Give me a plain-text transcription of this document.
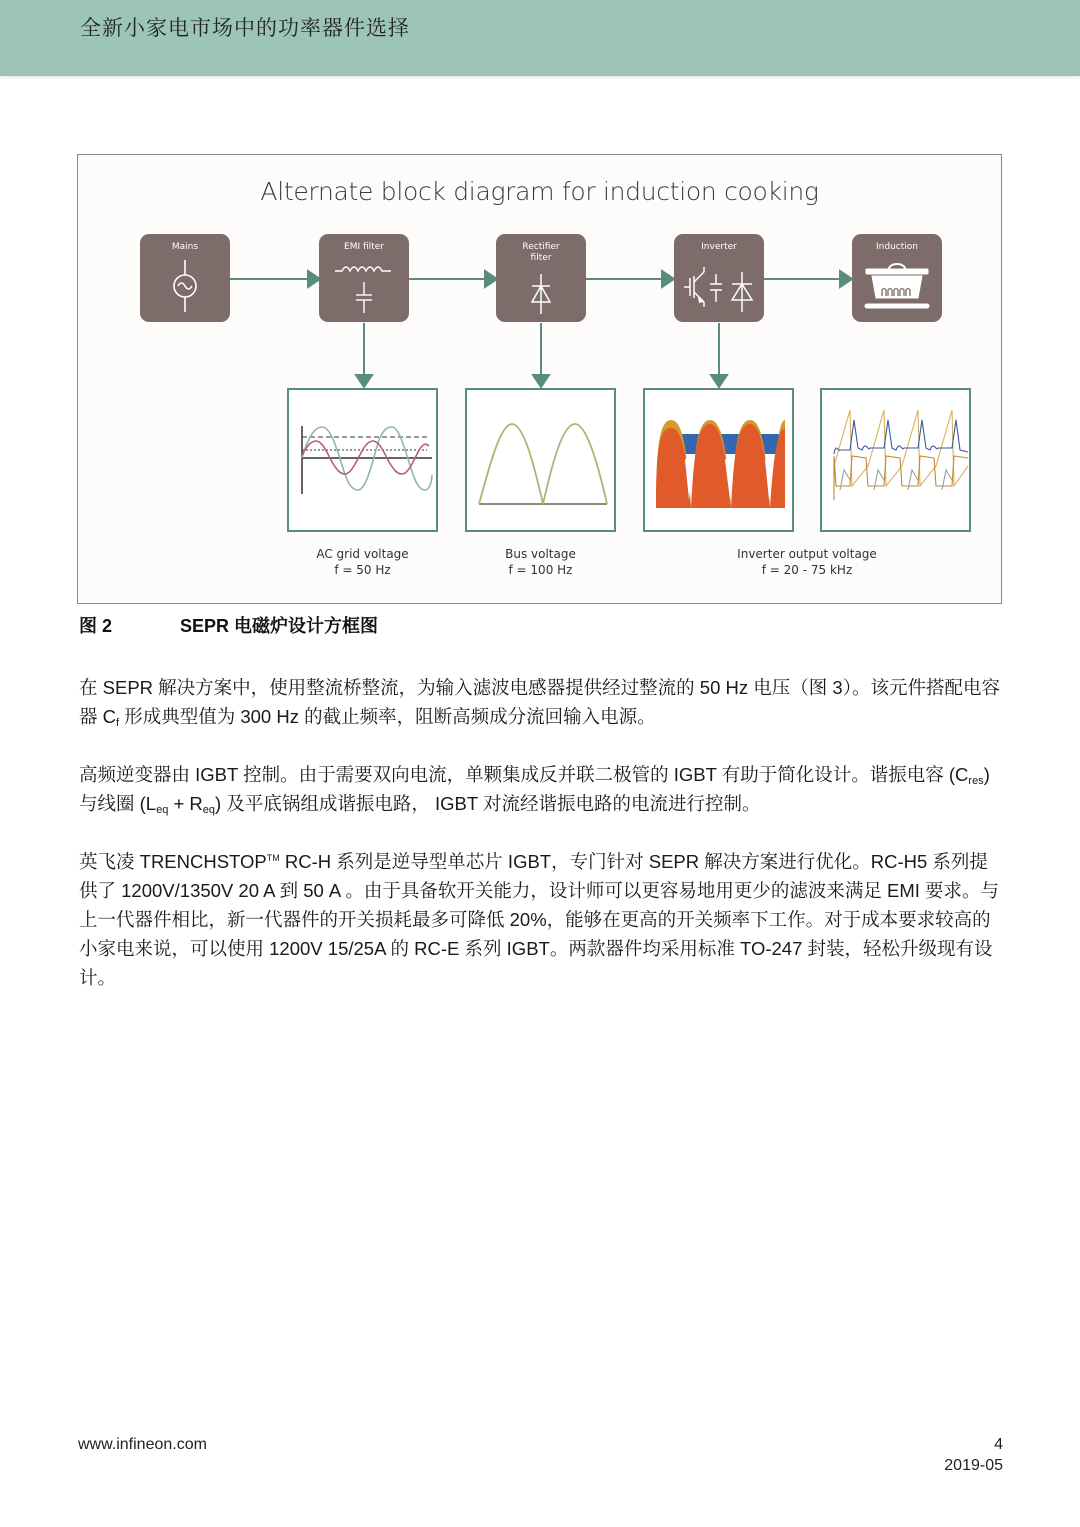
全新小家电市场中的功率器件选择
Alternate block diagram for induction cooking
Mains	EMI filter	Rectifier
filter
Inverter	Induction
AC grid voltage
f = 50 Hz
Bus voltage
f = 100 Hz
Inverter output voltage
f = 20 - 75 kHz
图 2	SEPR 电磁炉设计方框图
在 SEPR 解决方案中，使用整流桥整流，为输入滤波电感器提供经过整流的 50 Hz 电压（图 3）。该元件搭配电容器 $C_f$ 形成典型值为 300 Hz 的截止频率，阻断高频成分流回输入电源。
高频逆变器由 IGBT 控制。由于需要双向电流，单颗集成反并联二极管的 IGBT 有助于简化设计。谐振电容 $(C_{res})$ 与线圈 $(L_{eq} + R_{eq})$ 及平底锅组成谐振电路， IGBT 对流经谐振电路的电流进行控制。
英飞凌 TRENCHSTOP™ RC-H 系列是逆导型单芯片 IGBT，专门针对 SEPR 解决方案进行优化。RC-H5 系列提供了 1200V/1350V 20 A 到 50 A 。由于具备软开关能力，设计师可以更容易地用更少的滤波来满足 EMI 要求。与上一代器件相比，新一代器件的开关损耗最多可降低 20%，能够在更高的开关频率下工作。对于成本要求较高的小家电来说，可以使用 1200V 15/25A 的 RC-E 系列 IGBT。两款器件均采用标准 TO-247 封装，轻松升级现有设计。
www.infineon.com	4
2019-05
